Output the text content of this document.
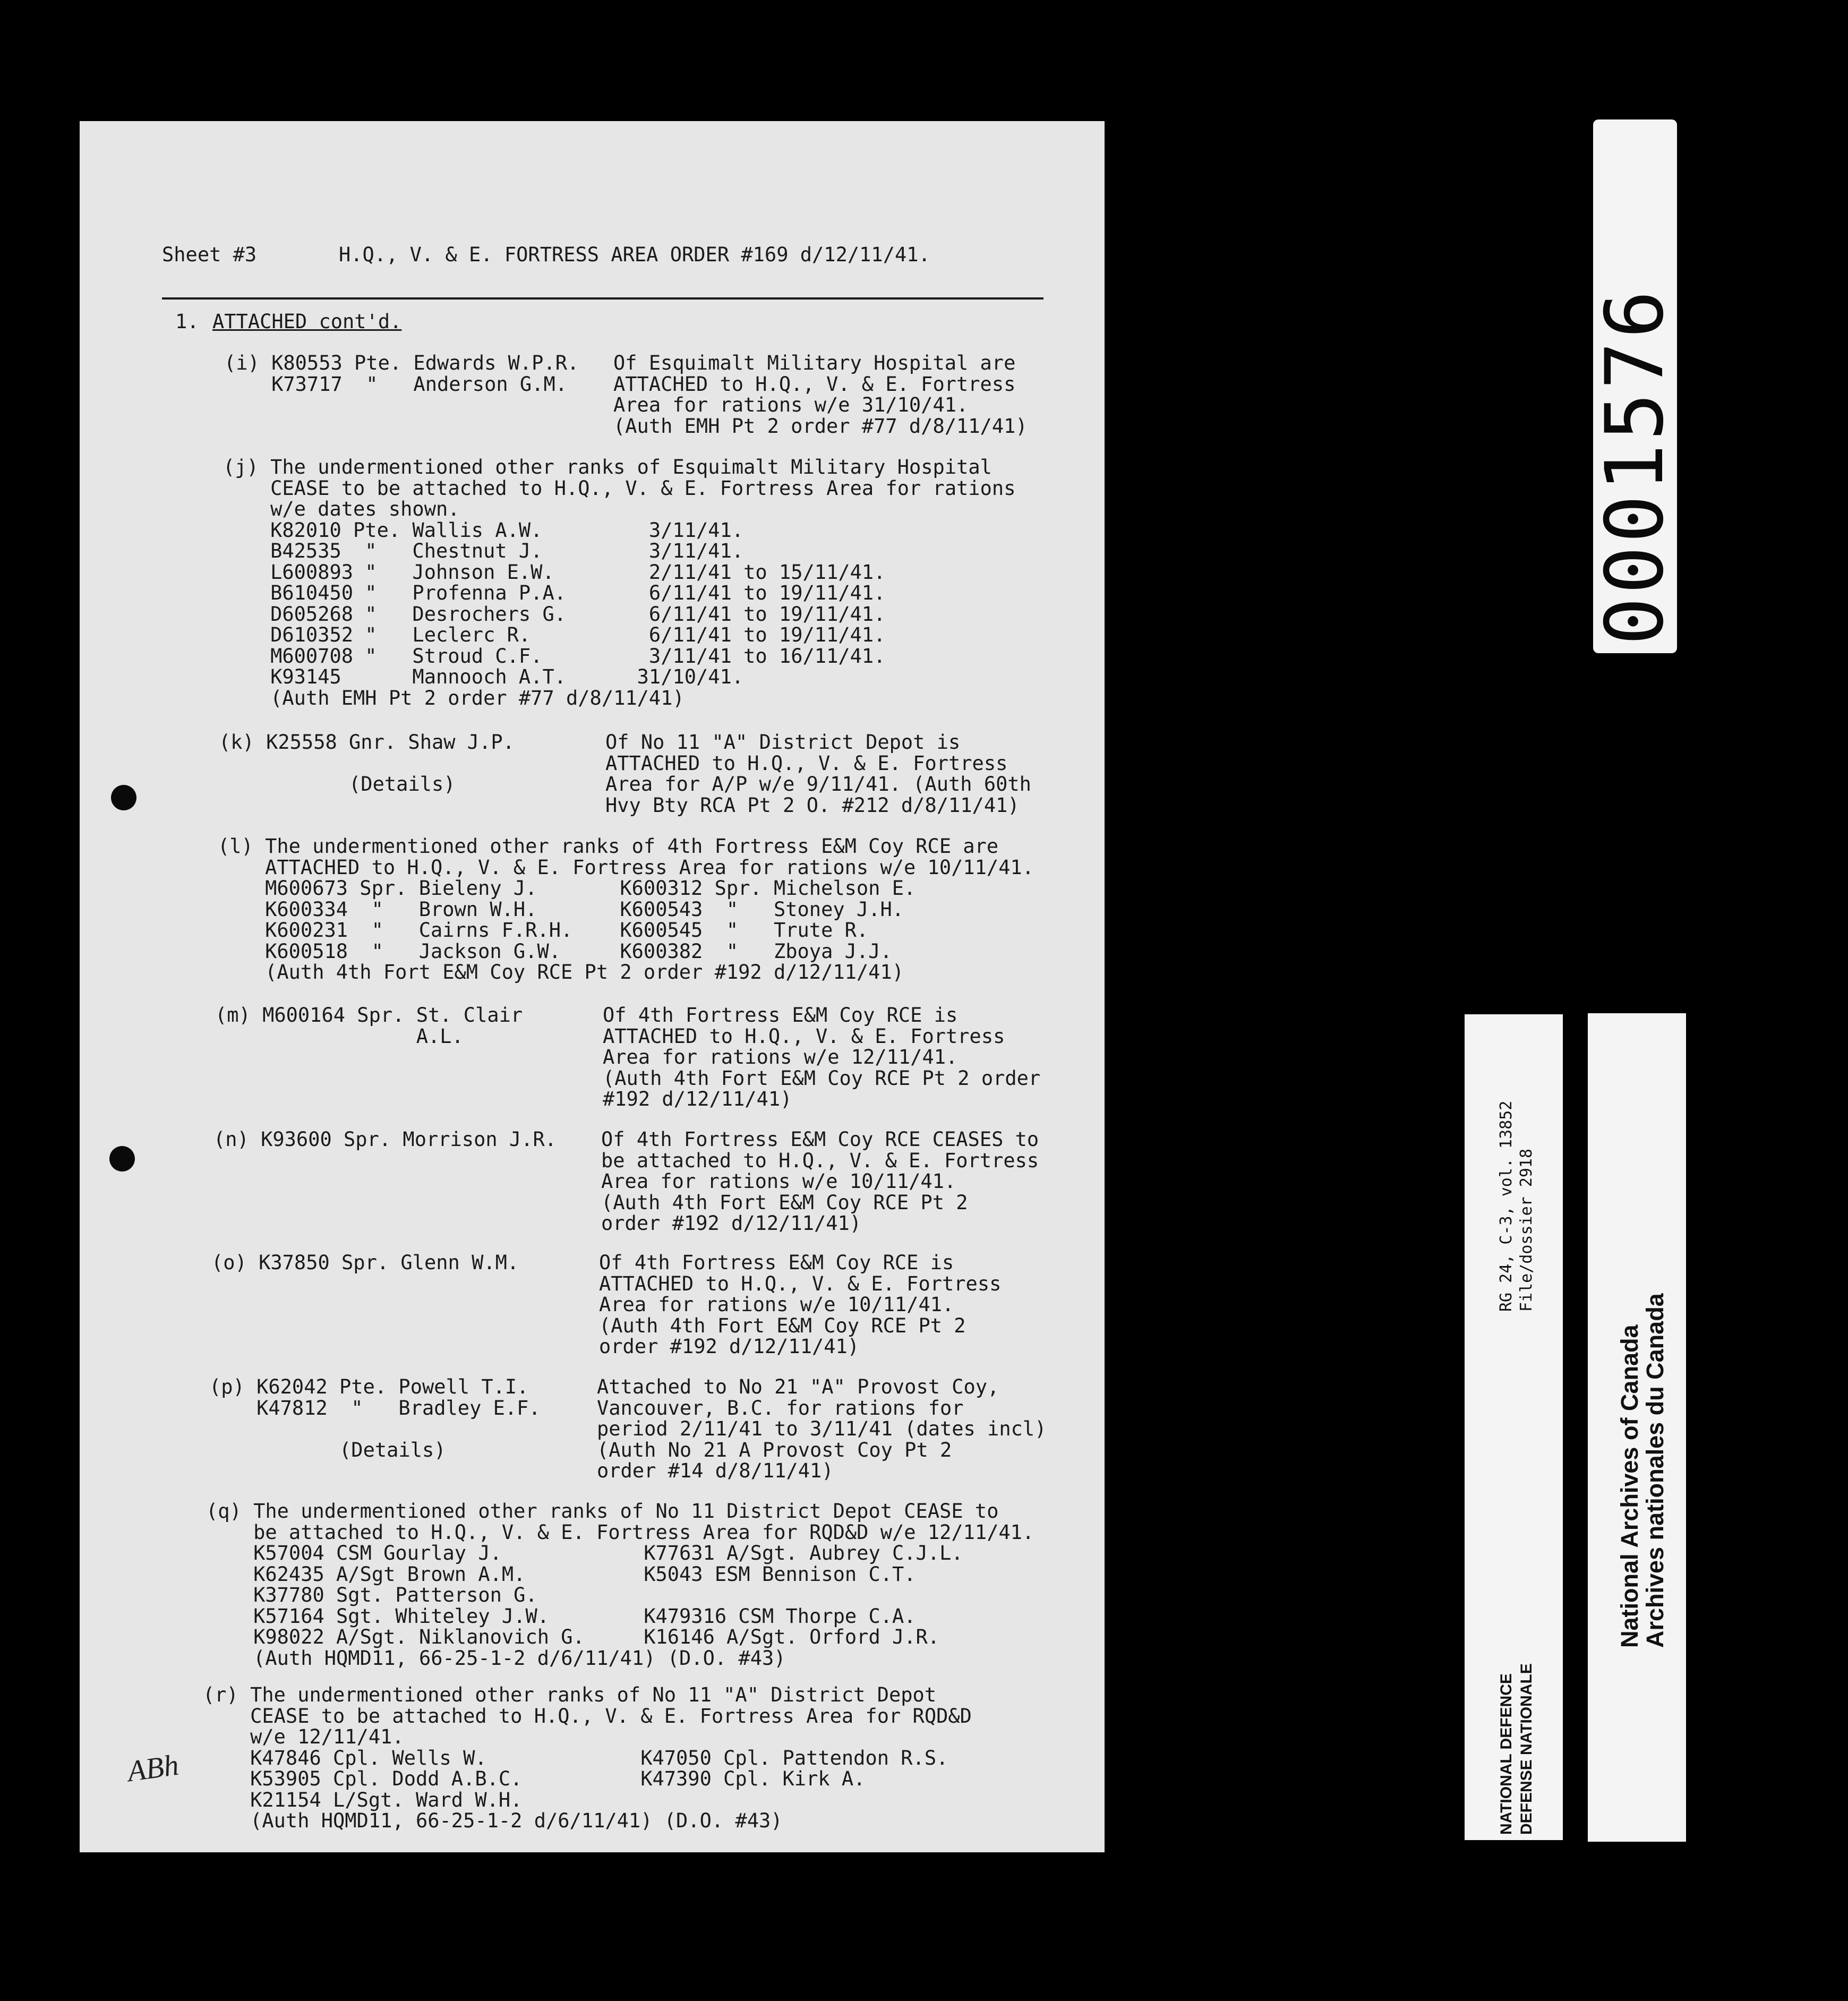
Sheet #3	H.Q., V. & E. FORTRESS AREA ORDER #169 d/12/11/41.
1. ATTACHED cont'd.
(i) K80553 Pte. Edwards W.P.R.
K73717  "   Anderson G.M.
Of Esquimalt Military Hospital are
ATTACHED to H.Q., V. & E. Fortress
Area for rations w/e 31/10/41.
(Auth EMH Pt 2 order #77 d/8/11/41)
(j) The undermentioned other ranks of Esquimalt Military Hospital
CEASE to be attached to H.Q., V. & E. Fortress Area for rations
w/e dates shown.
K82010 Pte. Wallis A.W.         3/11/41.
B42535  "   Chestnut J.         3/11/41.
L600893 "   Johnson E.W.        2/11/41 to 15/11/41.
B610450 "   Profenna P.A.       6/11/41 to 19/11/41.
D605268 "   Desrochers G.       6/11/41 to 19/11/41.
D610352 "   Leclerc R.          6/11/41 to 19/11/41.
M600708 "   Stroud C.F.         3/11/41 to 16/11/41.
K93145      Mannooch A.T.      31/10/41.
(Auth EMH Pt 2 order #77 d/8/11/41)
(k) K25558 Gnr. Shaw J.P.

(Details)
Of No 11 "A" District Depot is
ATTACHED to H.Q., V. & E. Fortress
Area for A/P w/e 9/11/41. (Auth 60th
Hvy Bty RCA Pt 2 O. #212 d/8/11/41)
(l) The undermentioned other ranks of 4th Fortress E&M Coy RCE are
ATTACHED to H.Q., V. & E. Fortress Area for rations w/e 10/11/41.
M600673 Spr. Bieleny J.       K600312 Spr. Michelson E.
K600334  "   Brown W.H.       K600543  "   Stoney J.H.
K600231  "   Cairns F.R.H.    K600545  "   Trute R.
K600518  "   Jackson G.W.     K600382  "   Zboya J.J.
(Auth 4th Fort E&M Coy RCE Pt 2 order #192 d/12/11/41)
(m) M600164 Spr. St. Clair
A.L.
Of 4th Fortress E&M Coy RCE is
ATTACHED to H.Q., V. & E. Fortress
Area for rations w/e 12/11/41.
(Auth 4th Fort E&M Coy RCE Pt 2 order
#192 d/12/11/41)
(n) K93600 Spr. Morrison J.R. Of 4th Fortress E&M Coy RCE CEASES to
be attached to H.Q., V. & E. Fortress
Area for rations w/e 10/11/41.
(Auth 4th Fort E&M Coy RCE Pt 2
order #192 d/12/11/41)
(o) K37850 Spr. Glenn W.M.	Of 4th Fortress E&M Coy RCE is
ATTACHED to H.Q., V. & E. Fortress
Area for rations w/e 10/11/41.
(Auth 4th Fort E&M Coy RCE Pt 2
order #192 d/12/11/41)
(p) K62042 Pte. Powell T.I.
K47812  "   Bradley E.F.

(Details)
Attached to No 21 "A" Provost Coy,
Vancouver, B.C. for rations for
period 2/11/41 to 3/11/41 (dates incl)
(Auth No 21 A Provost Coy Pt 2
order #14 d/8/11/41)
(q) The undermentioned other ranks of No 11 District Depot CEASE to
be attached to H.Q., V. & E. Fortress Area for RQD&D w/e 12/11/41.
K57004 CSM Gourlay J.            K77631 A/Sgt. Aubrey C.J.L.
K62435 A/Sgt Brown A.M.          K5043 ESM Bennison C.T.
K37780 Sgt. Patterson G.
K57164 Sgt. Whiteley J.W.        K479316 CSM Thorpe C.A.
K98022 A/Sgt. Niklanovich G.     K16146 A/Sgt. Orford J.R.
(Auth HQMD11, 66-25-1-2 d/6/11/41) (D.O. #43)
(r) The undermentioned other ranks of No 11 "A" District Depot
CEASE to be attached to H.Q., V. & E. Fortress Area for RQD&D
w/e 12/11/41.
K47846 Cpl. Wells W.             K47050 Cpl. Pattendon R.S.
K53905 Cpl. Dodd A.B.C.          K47390 Cpl. Kirk A.
K21154 L/Sgt. Ward W.H.
(Auth HQMD11, 66-25-1-2 d/6/11/41) (D.O. #43)
ABh
0001576
RG 24, C-3, vol. 13852 File/dossier 2918
NATIONAL DEFENCE DEFENSE NATIONALE
National Archives of Canada
Archives nationales du Canada
